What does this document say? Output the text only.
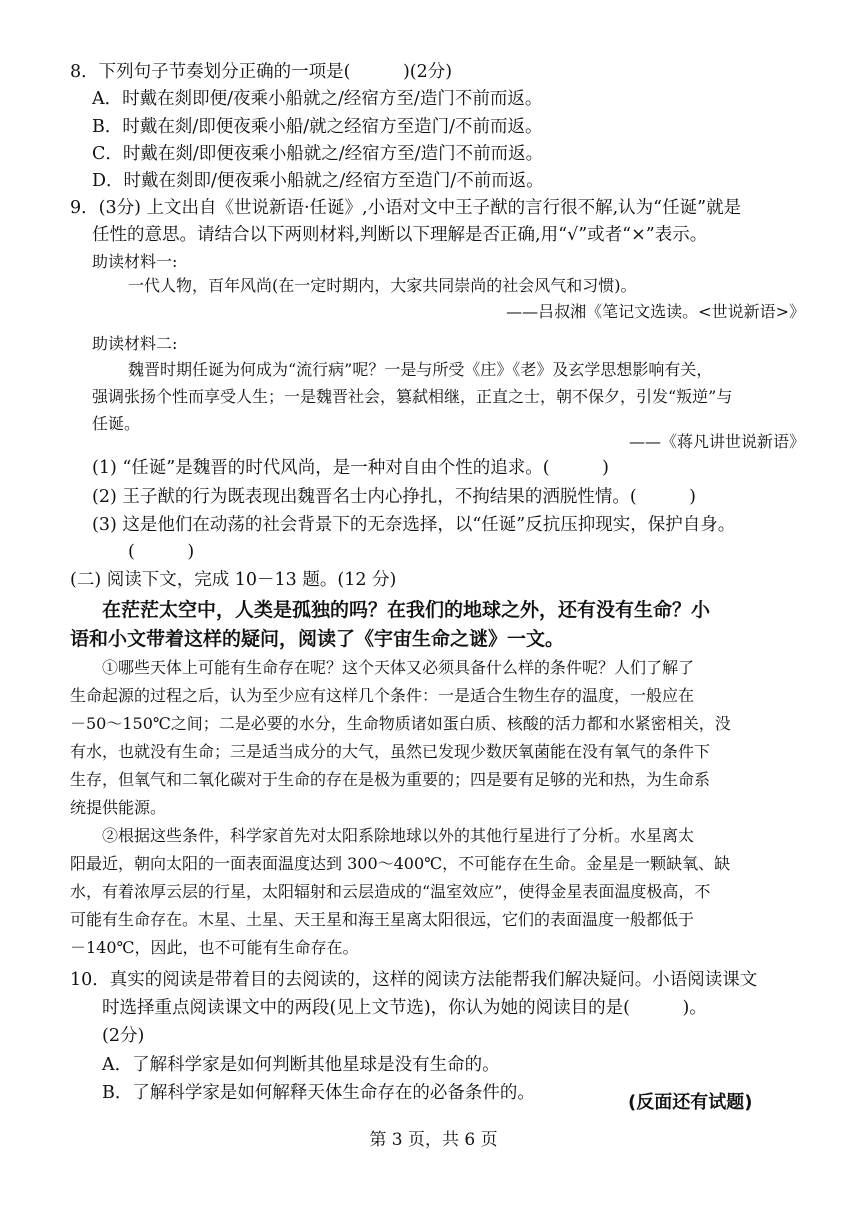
8．下列句子节奏划分正确的一项是(　　　)(2分)
A．时戴在剡即便/夜乘小船就之/经宿方至/造门不前而返。
B．时戴在剡/即便夜乘小船/就之经宿方至造门/不前而返。
C．时戴在剡/即便夜乘小船就之/经宿方至/造门不前而返。
D．时戴在剡即/便夜乘小船就之/经宿方至造门/不前而返。
9．(3分) 上文出自《世说新语·任诞》,小语对文中王子猷的言行很不解,认为“任诞”就是
任性的意思。请结合以下两则材料,判断以下理解是否正确,用“√”或者“×”表示。
助读材料一:
一代人物，百年风尚(在一定时期内，大家共同崇尚的社会风气和习惯)。
——吕叔湘《笔记文选读。<世说新语>》
助读材料二:
魏晋时期任诞为何成为“流行病”呢？一是与所受《庄》《老》及玄学思想影响有关，
强调张扬个性而享受人生；一是魏晋社会，篡弑相继，正直之士，朝不保夕，引发“叛逆”与
任诞。
——《蒋凡讲世说新语》
(1) “任诞”是魏晋的时代风尚，是一种对自由个性的追求。(　　　)
(2) 王子猷的行为既表现出魏晋名士内心挣扎，不拘结果的洒脱性情。(　　　)
(3) 这是他们在动荡的社会背景下的无奈选择，以“任诞”反抗压抑现实，保护自身。
(　　　)
(二) 阅读下文，完成 10－13 题。(12 分)
在茫茫太空中，人类是孤独的吗？在我们的地球之外，还有没有生命？小
语和小文带着这样的疑问，阅读了《宇宙生命之谜》一文。
①哪些天体上可能有生命存在呢？这个天体又必须具备什么样的条件呢？人们了解了
生命起源的过程之后，认为至少应有这样几个条件：一是适合生物生存的温度，一般应在
－50～150℃之间；二是必要的水分，生命物质诸如蛋白质、核酸的活力都和水紧密相关，没
有水，也就没有生命；三是适当成分的大气，虽然已发现少数厌氧菌能在没有氧气的条件下
生存，但氧气和二氧化碳对于生命的存在是极为重要的；四是要有足够的光和热，为生命系
统提供能源。
②根据这些条件，科学家首先对太阳系除地球以外的其他行星进行了分析。水星离太
阳最近，朝向太阳的一面表面温度达到 300～400℃，不可能存在生命。金星是一颗缺氧、缺
水，有着浓厚云层的行星，太阳辐射和云层造成的“温室效应”，使得金星表面温度极高，不
可能有生命存在。木星、土星、天王星和海王星离太阳很远，它们的表面温度一般都低于
－140℃，因此，也不可能有生命存在。
10．真实的阅读是带着目的去阅读的，这样的阅读方法能帮我们解决疑问。小语阅读课文
时选择重点阅读课文中的两段(见上文节选)，你认为她的阅读目的是(　　　)。
(2分)
A．了解科学家是如何判断其他星球是没有生命的。
B．了解科学家是如何解释天体生命存在的必备条件的。	(反面还有试题)
第 3 页，共 6 页
